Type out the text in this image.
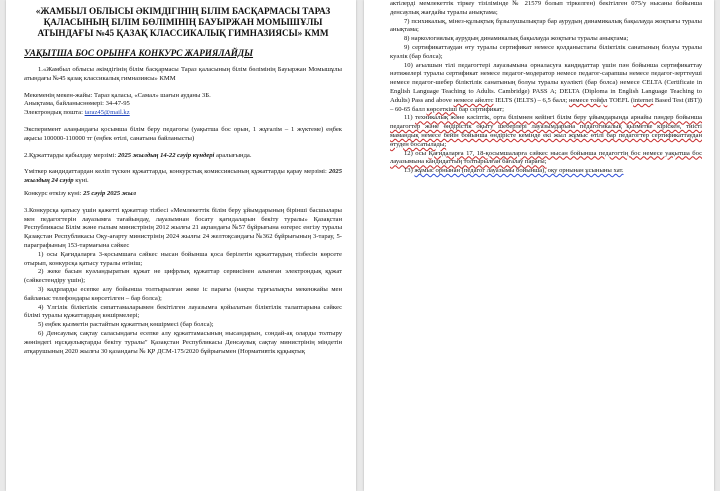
«ЖАМБЫЛ ОБЛЫСЫ ӘКІМДІГІНІҢ БІЛІМ БАСҚАРМАСЫ ТАРАЗ ҚАЛАСЫНЫҢ БІЛІМ БӨЛІМІНІҢ БАУЫРЖАН МОМЫШҰЛЫ АТЫНДАҒЫ №45 ҚАЗАҚ КЛАССИКАЛЫҚ ГИМНАЗИЯСЫ» КММ
УАҚЫТША БОС ОРЫНҒА КОНКУРС ЖАРИЯЛАЙДЫ

1.«Жамбыл облысы әкімдігінің білім басқармасы Тараз қаласының білім бөлімінің Бауыржан Момышұлы атындағы №45 қазақ классикалық гимназиясы» КММ

Мекеменің мекен-жайы: Тараз қаласы, «Самал» шағын ауданы 3Б.

Анықтама, байланыснөмері: 34-47-95

Электрондық пошта: taraz45@mail.kz

Эксперимент алаңындағы қосымша білім беру педагогы (уақытша бос орын, 1 жұғалім – 1 жүктеме) еңбек ақысы 100000-110000 тг (еңбек өтілі, санатына байланысты)

2.Құжаттарды қабылдау мерзімі: 2025 жылдың 14-22 сәуір күндері аралығында.

Үміткер кандидаттардан келіп түскен құжаттарды, конкурстық комиссиясының құжаттарды қарау мерзімі: 2025 жылдың 24 сәуір күні.

Конкурс өткізу күні: 25 сәуір 2025 жыл

3.Конкурсқа қатысу үшін қажетті құжаттар тізбесі «Мемлекеттік білім беру ұйымдарының бірінші басшылары мен педагогтерін лауазымға тағайындау, лауазымнан босату қағидаларын бекіту туралы» Қазақстан Республикасы Білім және ғылым министрінің 2012 жылғы 21 ақпандағы №57 бұйрығына өзгерес енгізу туралы Қазақстан Республикасы Оқу-ағарту министрінің 2024 жылғы 24 желтоқсандағы №362 бұйрығының 3-тарау, 5-параграфының 153-тармағына сәйкес

1) осы Қағидаларға 3-қосымшаға сәйкес нысан бойынша қоса берілетін құжаттардың тізбесін көрсете отырып, конкурсқа қатысу туралы өтініш;

2) жеке басын куәландыратын құжат не цифрлық құжаттар сервисінен алынған электрондық құжат (сәйкестендіру үшін);

3) кадрларды есепке алу бойынша толтырылған жеке іс парағы (нақты тұрғылықты мекенжайы мен байланыс телефондары көрсетілген – бар болса);

4) Үлгілік біліктілік сипаттамаларымен бекітілген лауазымға қойылатын біліктілік талаптарына сәйкес білімі туралы құжаттардың көшірмелері;

5) еңбек қызметін растайтын құжаттың көшірмесі (бар болса);

6) Денсаулық сақтау саласындағы есепке алу құжаттамасының нысандарын, сондай-ақ оларды толтыру жөніндегі нұсқаулықтарды бекіту туралы" Қазақстан Республикасы Денсаулық сақтау министрінің міндетін атқарушының 2020 жылғы 30 қазандағы № ҚР ДСМ-175/2020 бұйрығымен (Нормативтік құқықтық

актілерді мемлекеттік тіркеу тізілімінде № 21579 болып тіркелген) бекітілген 075/у нысаны бойынша денсаулық жағдайы туралы анықтама;

7) психикалық, мінез-құлықтық бұзылушылықтар бар аурудың динамикалық бақылауда жоқтығы туралы анықтама;

8) наркологиялық аурудың динамикалық бақылауда жоқтығы туралы анықтама;

9) сертификаттаудан өту туралы сертификат немесе қолданыстағы біліктілік санатының болуы туралы куәлік (бар болса);

10) ағылшын тілі педагогтері лауазымына орналасуға кандидаттар үшін пән бойынша сертификаттау нәтижелері туралы сертификат немесе педагог-модератор немесе педагог-сарапшы немесе педагог-зерттеуші немесе педагог-шебер біліктілік санатының болуы туралы куәлікті (бар болса) немесе CELTA (Certificate in English Language Teaching to Adults. Cambridge) PASS A; DELTA (Diploma in English Language Teaching to Adults) Pass and above немесе айелтс IELTS (IELTS) – 6,5 балл; немесе тойфл TOEFL (internet Based Test (iBT)) – 60-65 балл көрсеткіші бар сертификат;

11) техникалық және кәсіптік, орта білімнен кейінгі білім беру ұйымдарында арнайы пәндер бойынша педагогтер және өндірістік оқыту шеберлері лауазымдарына педагогикалық қызметке кіріскен, тиісті мамандық немесе бейін бойынша өндірісте кемінде екі жыл жұмыс өтілі бар педагогтер сертификаттаудан өтуден босатылады;

12) осы Қағидаларға 17, 18-қосымшаларға сәйкес нысан бойынша педагогтің бос немесе уақытша бос лауазымына кандидаттың толтырылған бағалау парағы;

13) жұмыс орнынан (педагог лауазымы бойынша), оқу орнынан ұсыныны хат.
